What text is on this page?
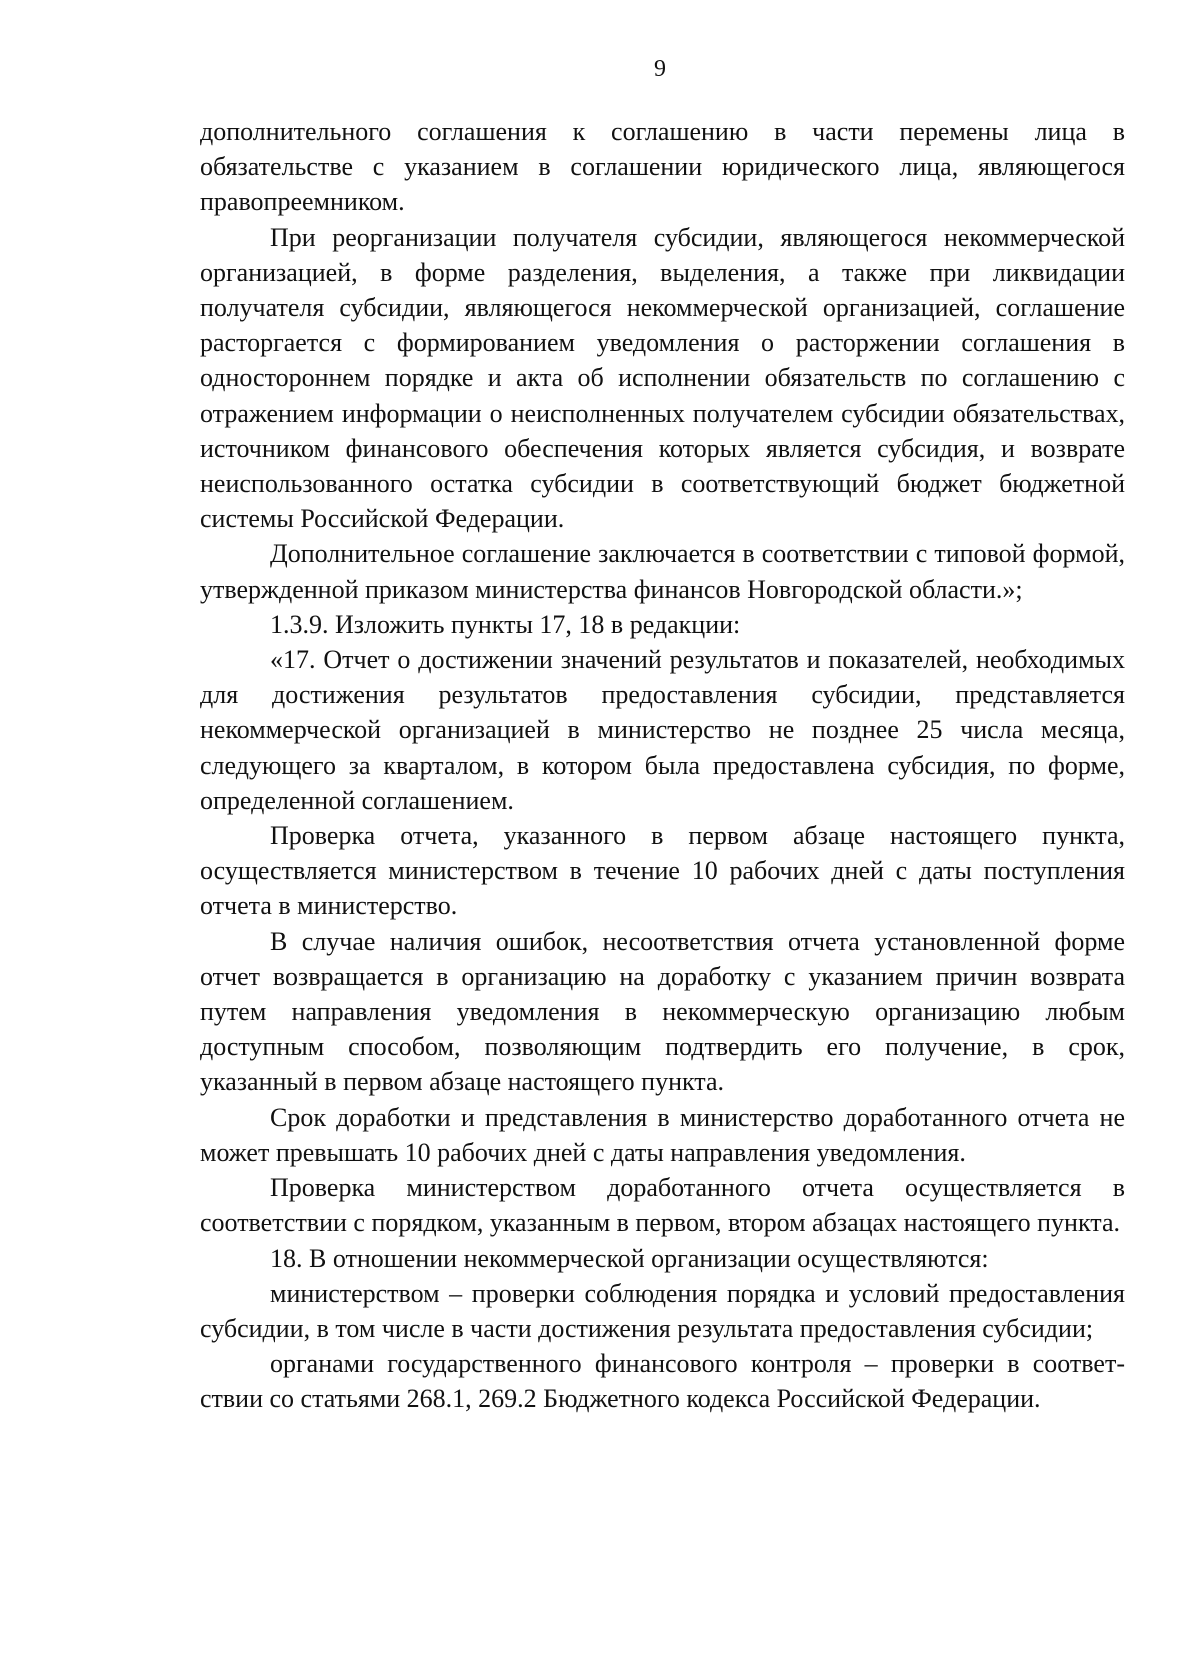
9

дополнительного соглашения к соглашению в части перемены лица в обязательстве с указанием в соглашении юридического лица, являющегося правопреемником.

При реорганизации получателя субсидии, являющегося некоммерческой организацией, в форме разделения, выделения, а также при ликвидации получателя субсидии, являющегося некоммерческой организацией, соглашение расторгается с формированием уведомления о расторжении соглашения в одностороннем порядке и акта об исполнении обязательств по соглашению с отражением информации о неисполненных получателем субсидии обязательствах, источником финансового обеспечения которых является субсидия, и возврате неиспользованного остатка субсидии в соответствующий бюджет бюджетной системы Российской Федерации.

Дополнительное соглашение заключается в соответствии с типовой формой, утвержденной приказом министерства финансов Новгородской области.»;

1.3.9. Изложить пункты 17, 18 в редакции:

«17. Отчет о достижении значений результатов и показателей, необходимых для достижения результатов предоставления субсидии, представляется некоммерческой организацией в министерство не позднее 25 числа месяца, следующего за кварталом, в котором была предоставлена субсидия, по форме, определенной соглашением.

Проверка отчета, указанного в первом абзаце настоящего пункта, осуществляется министерством в течение 10 рабочих дней с даты поступления отчета в министерство.

В случае наличия ошибок, несоответствия отчета установленной форме отчет возвращается в организацию на доработку с указанием причин возврата путем направления уведомления в некоммерческую организацию любым доступным способом, позволяющим подтвердить его получение, в срок, указанный в первом абзаце настоящего пункта.

Срок доработки и представления в министерство доработанного отчета не может превышать 10 рабочих дней с даты направления уведомления.

Проверка министерством доработанного отчета осуществляется в соответствии с порядком, указанным в первом, втором абзацах настоящего пункта.

18. В отношении некоммерческой организации осуществляются:

министерством – проверки соблюдения порядка и условий предоставления субсидии, в том числе в части достижения результата предоставления субсидии;

органами государственного финансового контроля – проверки в соответствии со статьями 268.1, 269.2 Бюджетного кодекса Российской Федерации.
